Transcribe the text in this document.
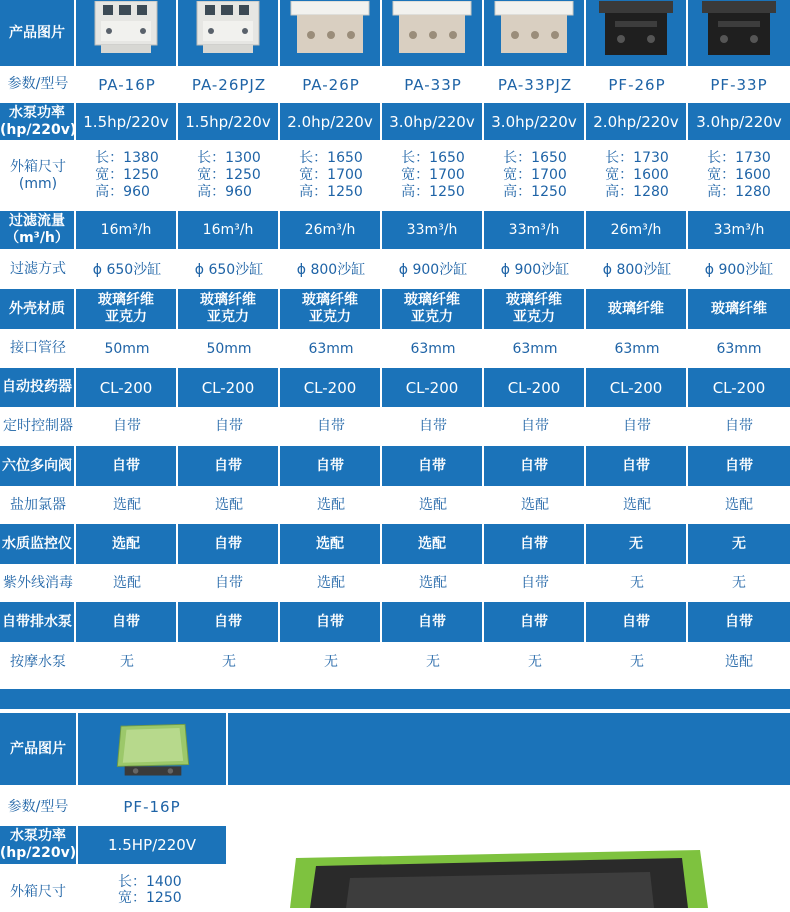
产品图片							
参数/型号	PA-16P	PA-26PJZ	PA-26P	PA-33P	PA-33PJZ	PF-26P	PF-33P
水泵功率
(hp/220v)	1.5hp/220v	1.5hp/220v	2.0hp/220v	3.0hp/220v	3.0hp/220v	2.0hp/220v	3.0hp/220v
外箱尺寸
(mm)	长：1380
宽：1250
高：960	长：1300
宽：1250
高：960	长：1650
宽：1700
高：1250	长：1650
宽：1700
高：1250	长：1650
宽：1700
高：1250	长：1730
宽：1600
高：1280	长：1730
宽：1600
高：1280

过滤流量
（m³/h）	16m³/h	16m³/h	26m³/h	33m³/h	33m³/h	26m³/h	33m³/h
过滤方式	ϕ 650沙缸	ϕ 650沙缸	ϕ 800沙缸	ϕ 900沙缸	ϕ 900沙缸	ϕ 800沙缸	ϕ 900沙缸
外壳材质	玻璃纤维
亚克力	玻璃纤维
亚克力	玻璃纤维
亚克力	玻璃纤维
亚克力	玻璃纤维
亚克力	玻璃纤维	玻璃纤维
接口管径	50mm	50mm	63mm	63mm	63mm	63mm	63mm
自动投药器	CL-200	CL-200	CL-200	CL-200	CL-200	CL-200	CL-200
定时控制器	自带	自带	自带	自带	自带	自带	自带
六位多向阀	自带	自带	自带	自带	自带	自带	自带
盐加氯器	选配	选配	选配	选配	选配	选配	选配
水质监控仪	选配	自带	选配	选配	自带	无	无
紫外线消毒	选配	自带	选配	选配	自带	无	无
自带排水泵	自带	自带	自带	自带	自带	自带	自带
按摩水泵	无	无	无	无	无	无	选配
产品图片
参数/型号	PF-16P
水泵功率
(hp/220v)	1.5HP/220V
外箱尺寸
长：1400
宽：1250
